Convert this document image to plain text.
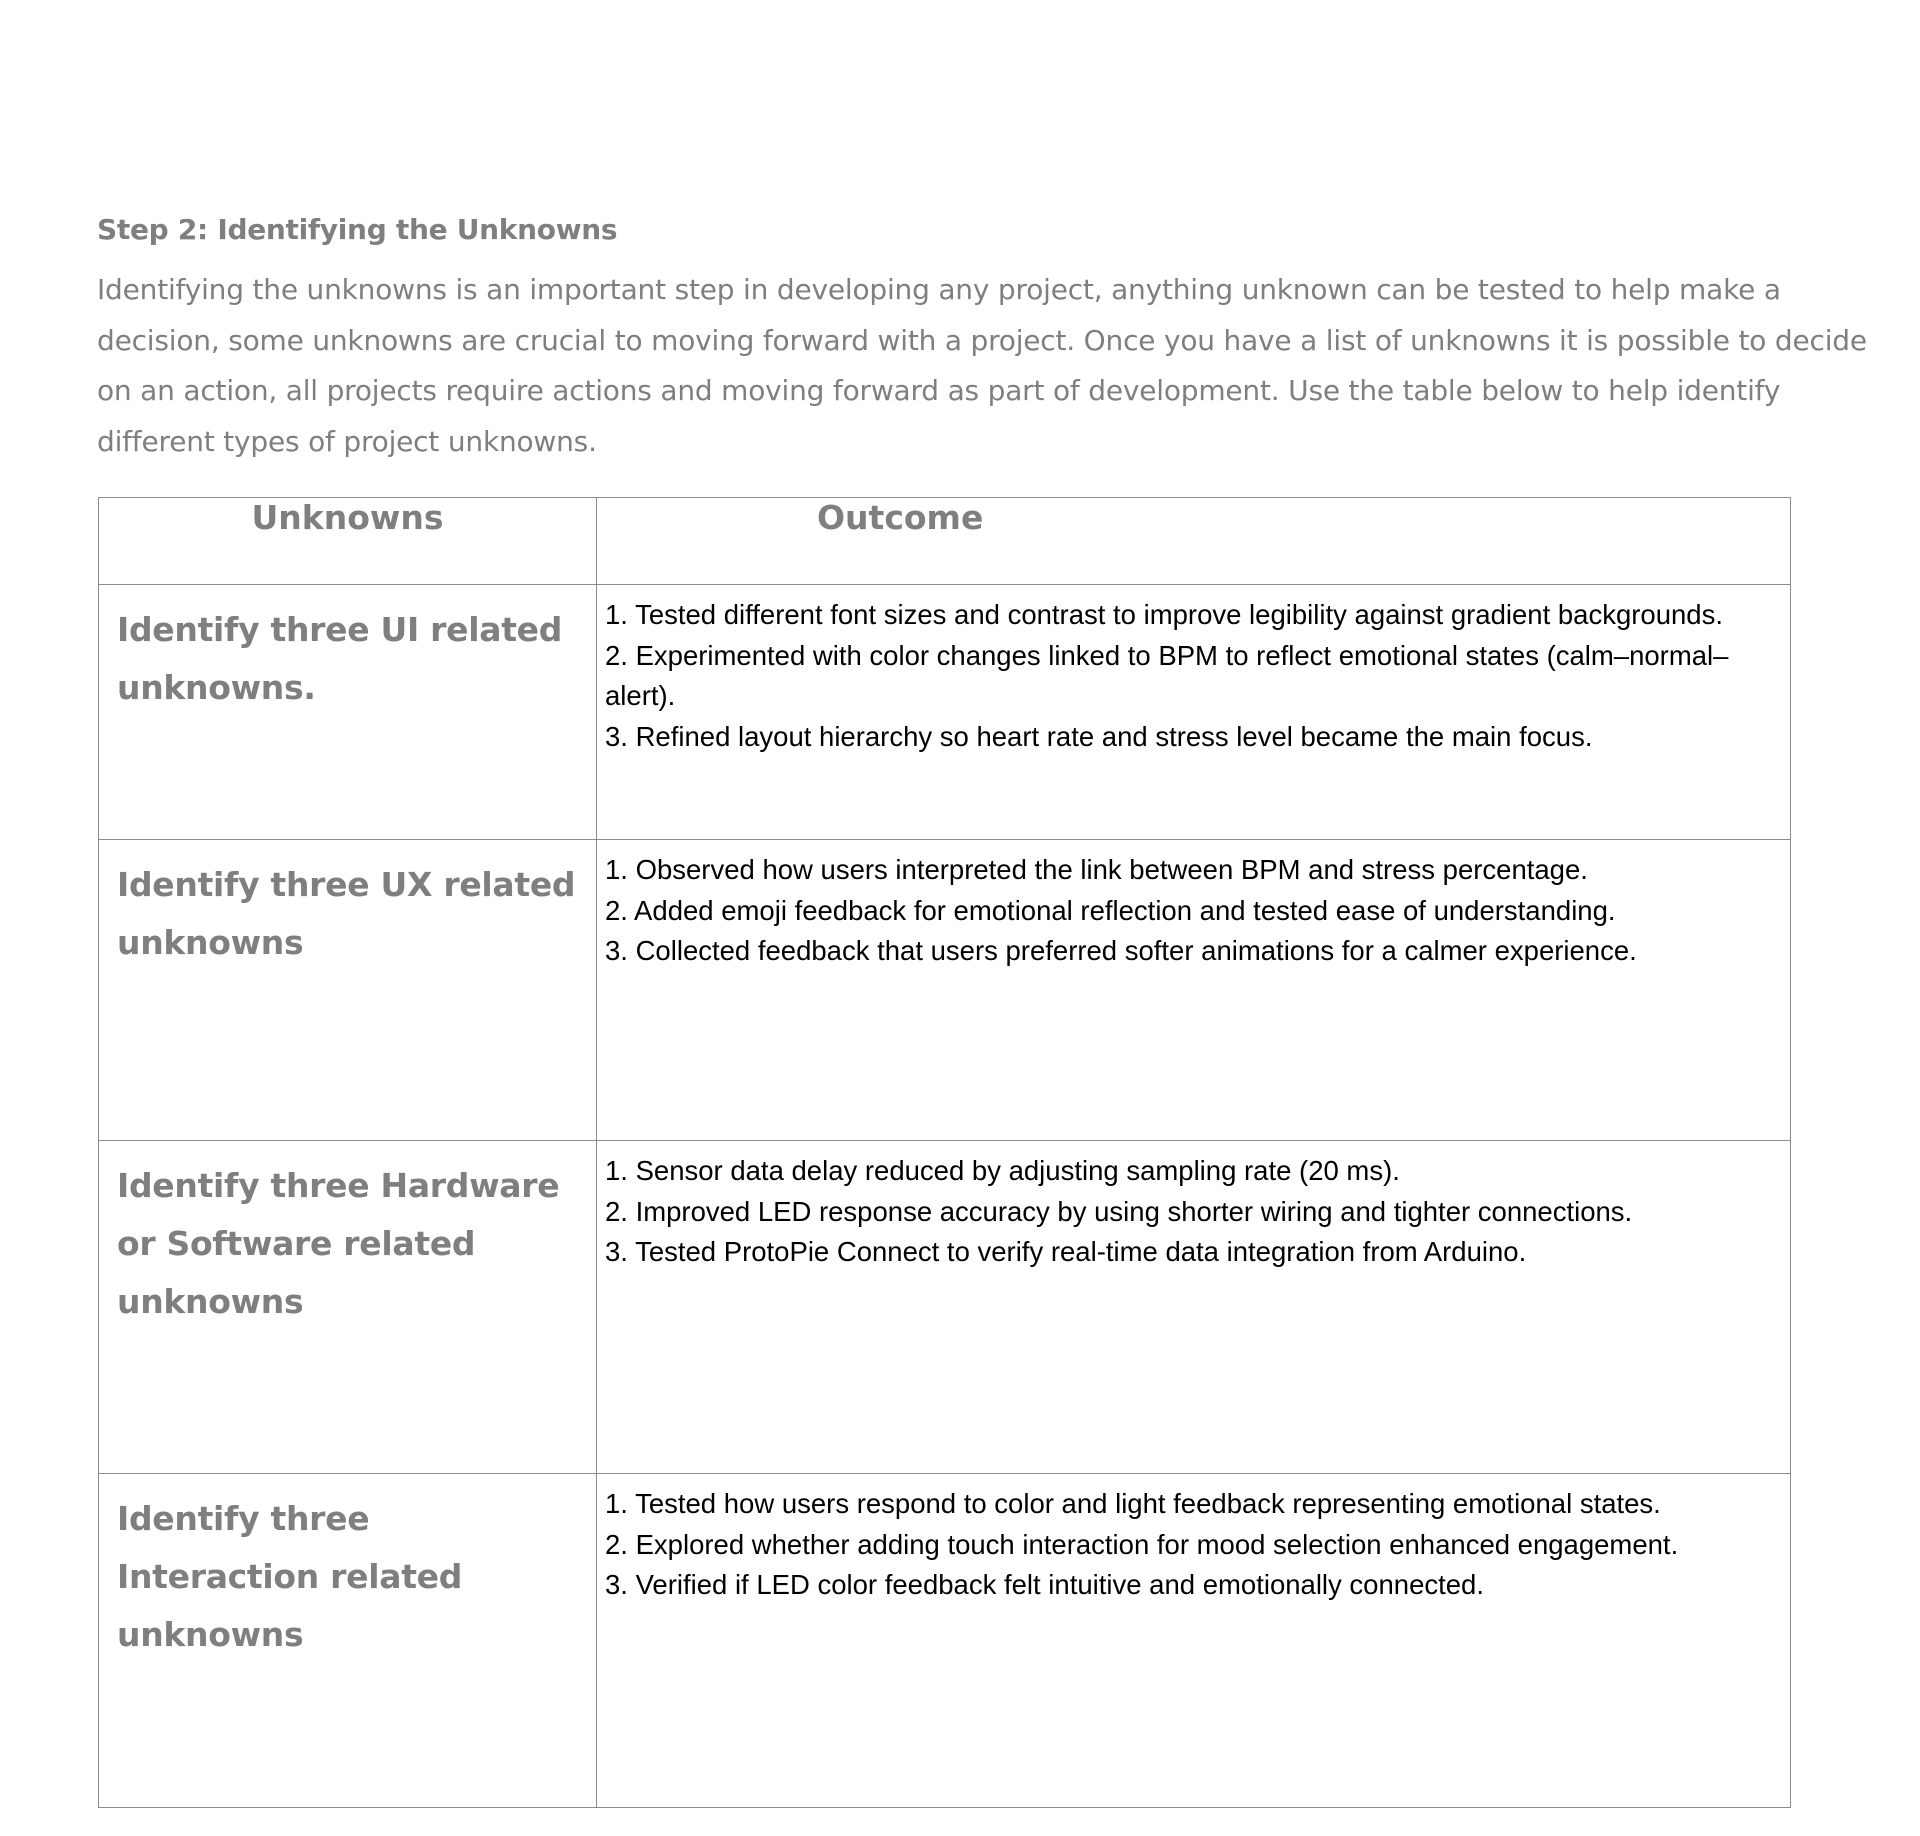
Step 2: Identifying the Unknowns

Identifying the unknowns is an important step in developing any project, anything unknown can be tested to help make a decision, some unknowns are crucial to moving forward with a project. Once you have a list of unknowns it is possible to decide on an action, all projects require actions and moving forward as part of development. Use the table below to help identify different types of project unknowns.

Unknowns	Outcome
Identify three UI related unknowns.	1. Tested different font sizes and contrast to improve legibility against gradient backgrounds.
2. Experimented with color changes linked to BPM to reflect emotional states (calm–normal–alert).
3. Refined layout hierarchy so heart rate and stress level became the main focus.

Identify three UX related unknowns	1. Observed how users interpreted the link between BPM and stress percentage.
2. Added emoji feedback for emotional reflection and tested ease of understanding.
3. Collected feedback that users preferred softer animations for a calmer experience.

Identify three Hardware or Software related unknowns	1. Sensor data delay reduced by adjusting sampling rate (20 ms).
2. Improved LED response accuracy by using shorter wiring and tighter connections.
3. Tested ProtoPie Connect to verify real-time data integration from Arduino.

Identify three Interaction related unknowns	1. Tested how users respond to color and light feedback representing emotional states.
2. Explored whether adding touch interaction for mood selection enhanced engagement.
3. Verified if LED color feedback felt intuitive and emotionally connected.
